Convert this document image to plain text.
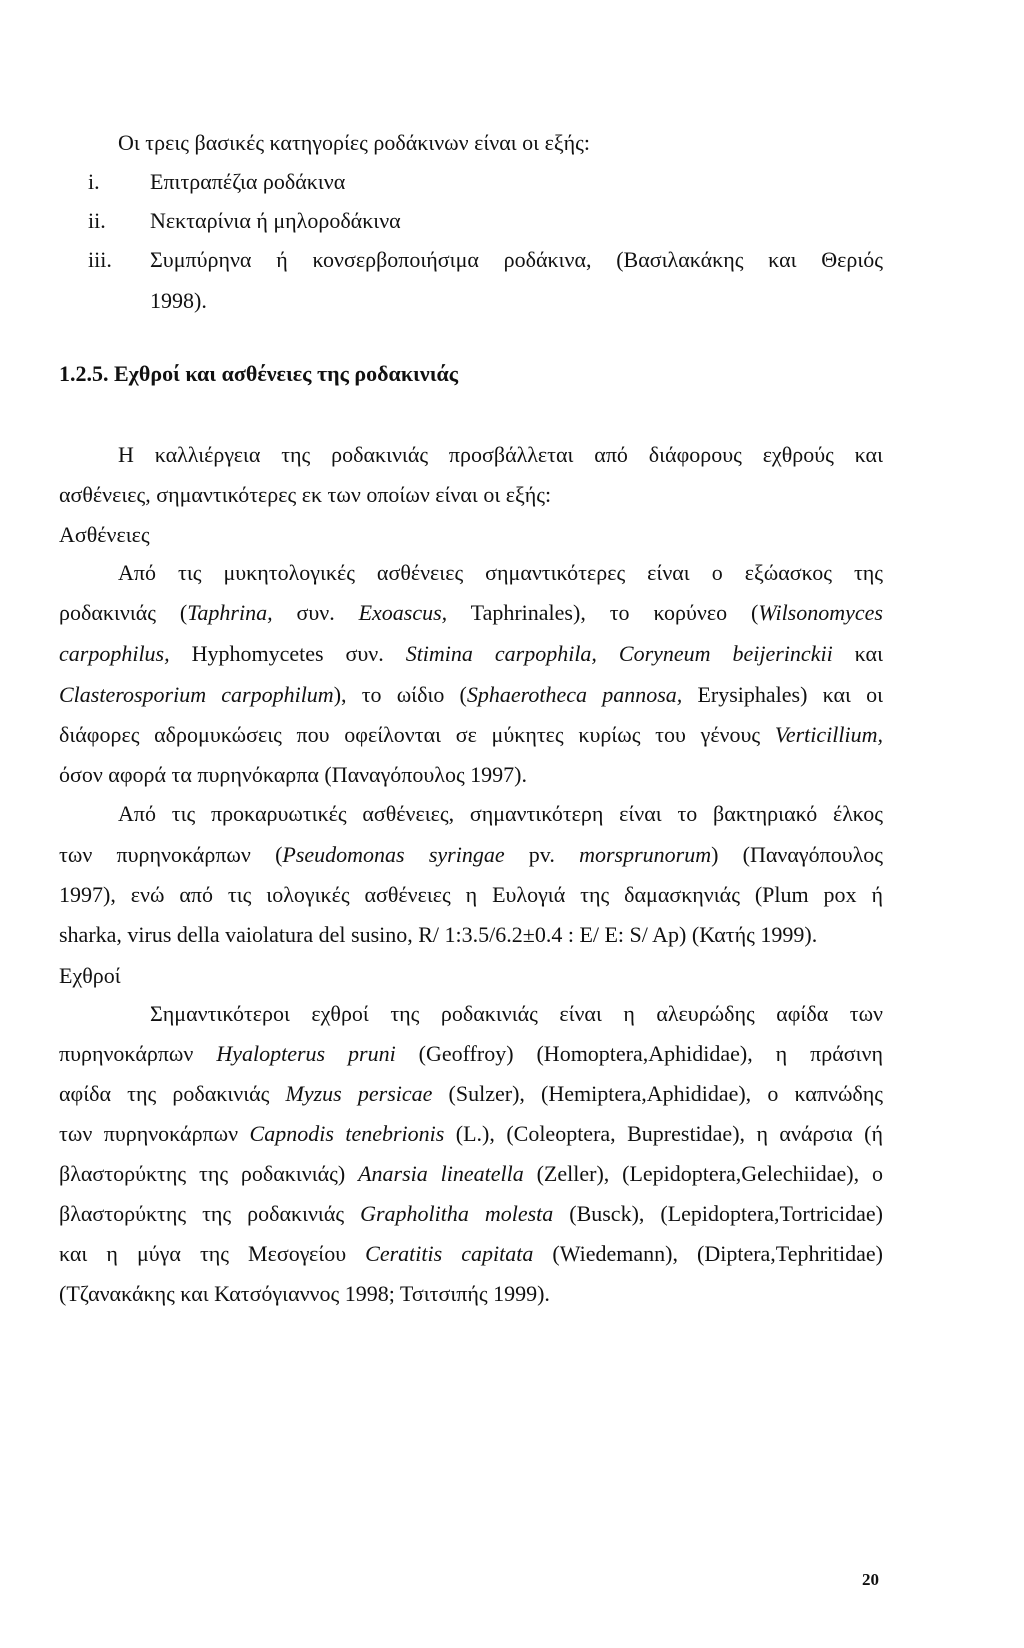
Οι τρεις βασικές κατηγορίες ροδάκινων είναι οι εξής:
i. Επιτραπέζια ροδάκινα
ii. Νεκταρίνια ή μηλοροδάκινα
iii. Συμπύρηνα ή κονσερβοποιήσιμα ροδάκινα, (Βασιλακάκης και Θεριός
1998).
1.2.5. Εχθροί και ασθένειες της ροδακινιάς
Η καλλιέργεια της ροδακινιάς προσβάλλεται από διάφορους εχθρούς και
ασθένειες, σημαντικότερες εκ των οποίων είναι οι εξής:
Ασθένειες
Από τις μυκητολογικές ασθένειες σημαντικότερες είναι ο εξώασκος της
ροδακινιάς (Taphrina, συν. Exoascus, Taphrinales), το κορύνεο (Wilsonomyces
carpophilus, Hyphomycetes συν. Stimina carpophila, Coryneum beijerinckii και
Clasterosporium carpophilum), το ωίδιο (Sphaerotheca pannosa, Erysiphales) και οι
διάφορες αδρομυκώσεις που οφείλονται σε μύκητες κυρίως του γένους Verticillium,
όσον αφορά τα πυρηνόκαρπα (Παναγόπουλος 1997).
Από τις προκαρυωτικές ασθένειες, σημαντικότερη είναι το βακτηριακό έλκος
των πυρηνοκάρπων (Pseudomonas syringae pv. morsprunorum) (Παναγόπουλος
1997), ενώ από τις ιολογικές ασθένειες η Ευλογιά της δαμασκηνιάς (Plum pox ή
sharka, virus della vaiolatura del susino, R/ 1:3.5/6.2±0.4 : E/ E: S/ Ap) (Κατής 1999).
Εχθροί
Σημαντικότεροι εχθροί της ροδακινιάς είναι η αλευρώδης αφίδα των
πυρηνοκάρπων Hyalopterus pruni (Geoffroy) (Homoptera,Aphididae), η πράσινη
αφίδα της ροδακινιάς Myzus persicae (Sulzer), (Hemiptera,Aphididae), ο καπνώδης
των πυρηνοκάρπων Capnodis tenebrionis (L.), (Coleoptera, Buprestidae), η ανάρσια (ή
βλαστορύκτης της ροδακινιάς) Anarsia lineatella (Zeller), (Lepidoptera,Gelechiidae), ο
βλαστορύκτης της ροδακινιάς Grapholitha molesta (Busck), (Lepidoptera,Tortricidae)
και η μύγα της Μεσογείου Ceratitis capitata (Wiedemann), (Diptera,Tephritidae)
(Τζανακάκης και Κατσόγιαννος 1998; Τσιτσιπής 1999).
20
